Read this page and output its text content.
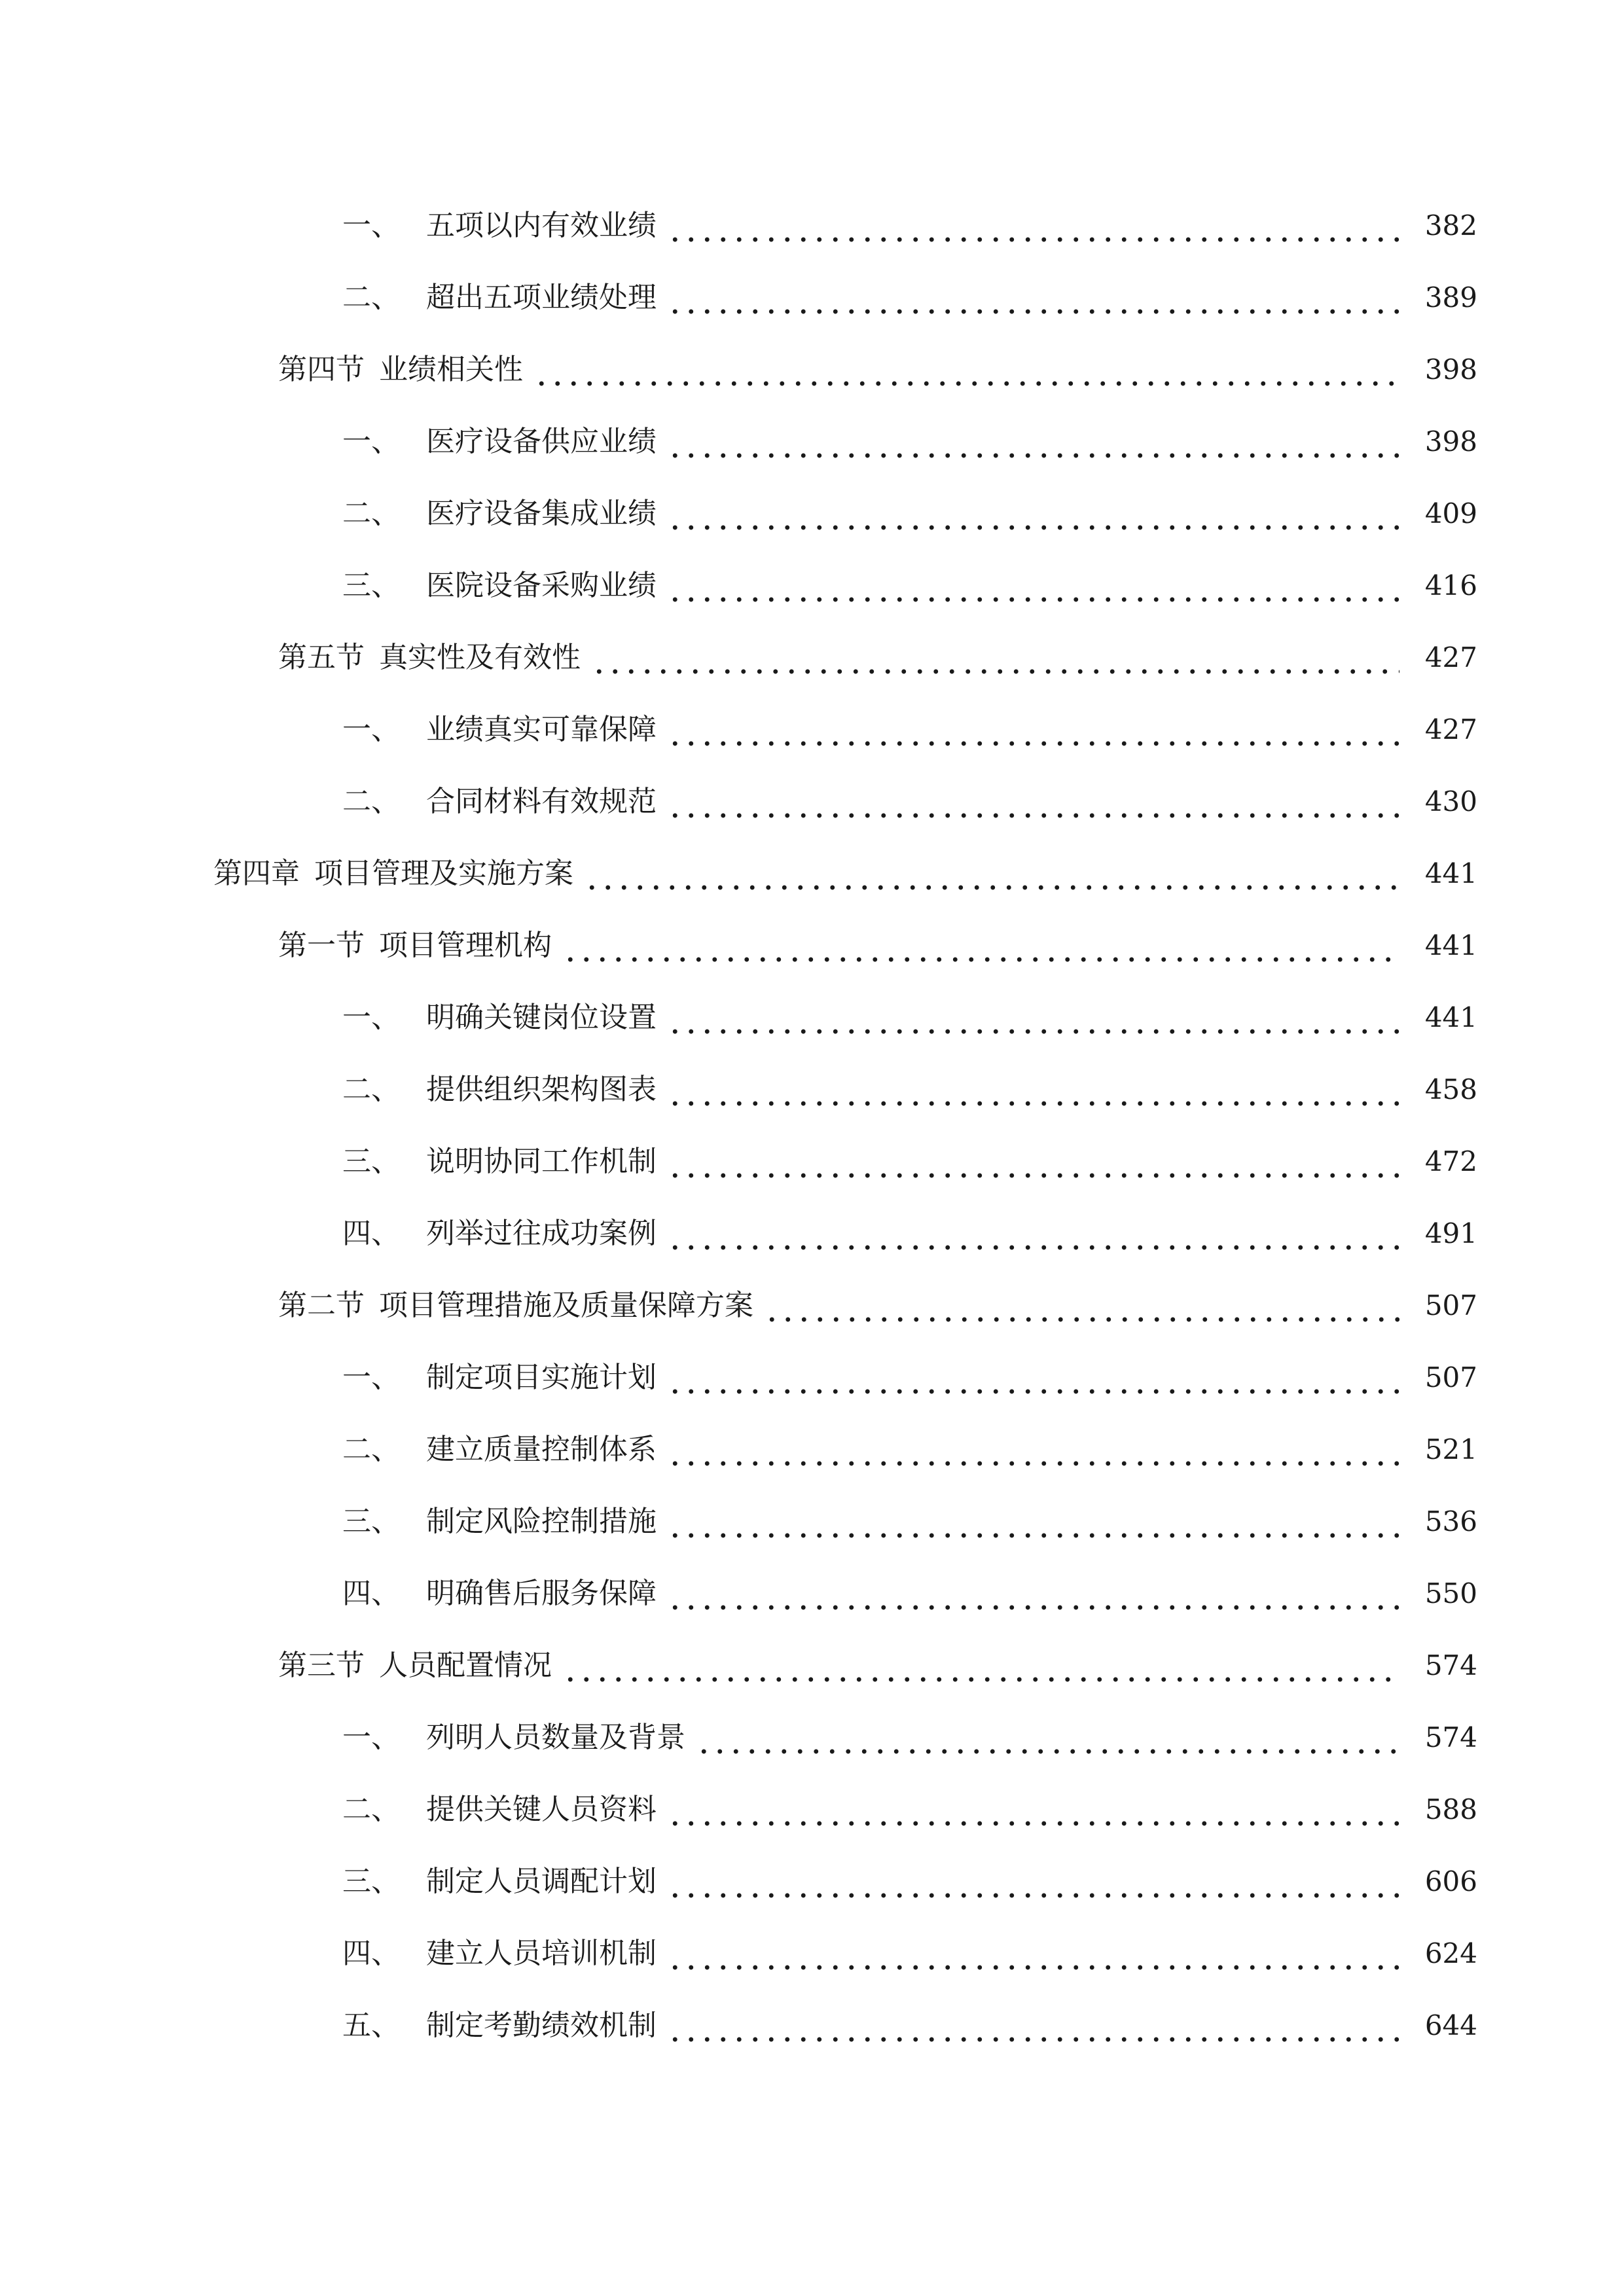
一、 五项以内有效业绩	382
二、 超出五项业绩处理	389
第四节 业绩相关性	398
一、 医疗设备供应业绩	398
二、 医疗设备集成业绩	409
三、 医院设备采购业绩	416
第五节 真实性及有效性	427
一、 业绩真实可靠保障	427
二、 合同材料有效规范	430
第四章 项目管理及实施方案	441
第一节 项目管理机构	441
一、 明确关键岗位设置	441
二、 提供组织架构图表	458
三、 说明协同工作机制	472
四、 列举过往成功案例	491
第二节 项目管理措施及质量保障方案	507
一、 制定项目实施计划	507
二、 建立质量控制体系	521
三、 制定风险控制措施	536
四、 明确售后服务保障	550
第三节 人员配置情况	574
一、 列明人员数量及背景	574
二、 提供关键人员资料	588
三、 制定人员调配计划	606
四、 建立人员培训机制	624
五、 制定考勤绩效机制	644
